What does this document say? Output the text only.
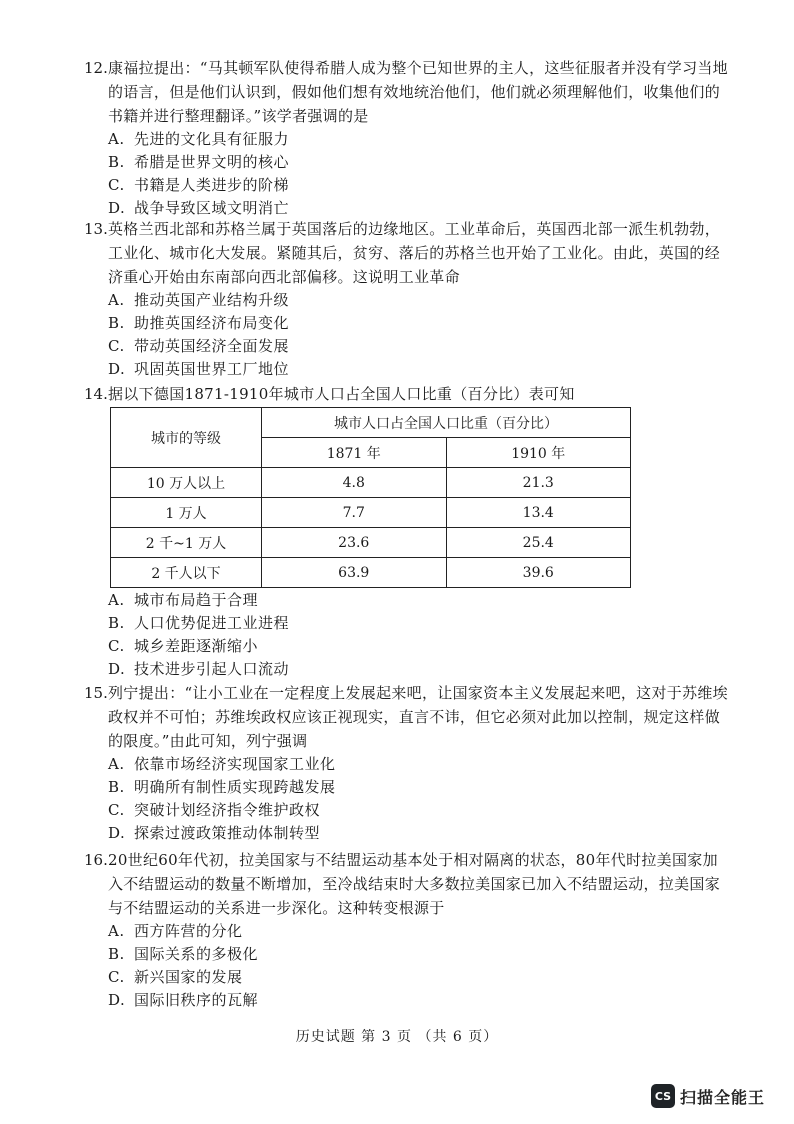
12. 康福拉提出：“马其顿军队使得希腊人成为整个已知世界的主人，这些征服者并没有学习当地的语言，但是他们认识到，假如他们想有效地统治他们，他们就必须理解他们，收集他们的书籍并进行整理翻译。”该学者强调的是
A. 先进的文化具有征服力
B. 希腊是世界文明的核心
C. 书籍是人类进步的阶梯
D. 战争导致区域文明消亡
13. 英格兰西北部和苏格兰属于英国落后的边缘地区。工业革命后，英国西北部一派生机勃勃，工业化、城市化大发展。紧随其后，贫穷、落后的苏格兰也开始了工业化。由此，英国的经济重心开始由东南部向西北部偏移。这说明工业革命
A. 推动英国产业结构升级
B. 助推英国经济布局变化
C. 带动英国经济全面发展
D. 巩固英国世界工厂地位
14. 据以下德国1871-1910年城市人口占全国人口比重（百分比）表可知
城市的等级	城市人口占全国人口比重（百分比）	
	1871 年	1910 年
10 万人以上	4.8	21.3
1 万人	7.7	13.4
2 千~1 万人	23.6	25.4
2 千人以下	63.9	39.6
A. 城市布局趋于合理
B. 人口优势促进工业进程
C. 城乡差距逐渐缩小
D. 技术进步引起人口流动
15. 列宁提出：“让小工业在一定程度上发展起来吧，让国家资本主义发展起来吧，这对于苏维埃政权并不可怕；苏维埃政权应该正视现实，直言不讳，但它必须对此加以控制，规定这样做的限度。”由此可知，列宁强调
A. 依靠市场经济实现国家工业化
B. 明确所有制性质实现跨越发展
C. 突破计划经济指令维护政权
D. 探索过渡政策推动体制转型
16. 20世纪60年代初，拉美国家与不结盟运动基本处于相对隔离的状态，80年代时拉美国家加入不结盟运动的数量不断增加，至冷战结束时大多数拉美国家已加入不结盟运动，拉美国家与不结盟运动的关系进一步深化。这种转变根源于
A. 西方阵营的分化
B. 国际关系的多极化
C. 新兴国家的发展
D. 国际旧秩序的瓦解
历史试题 第 3 页 （共 6 页）
CS 扫描全能王
